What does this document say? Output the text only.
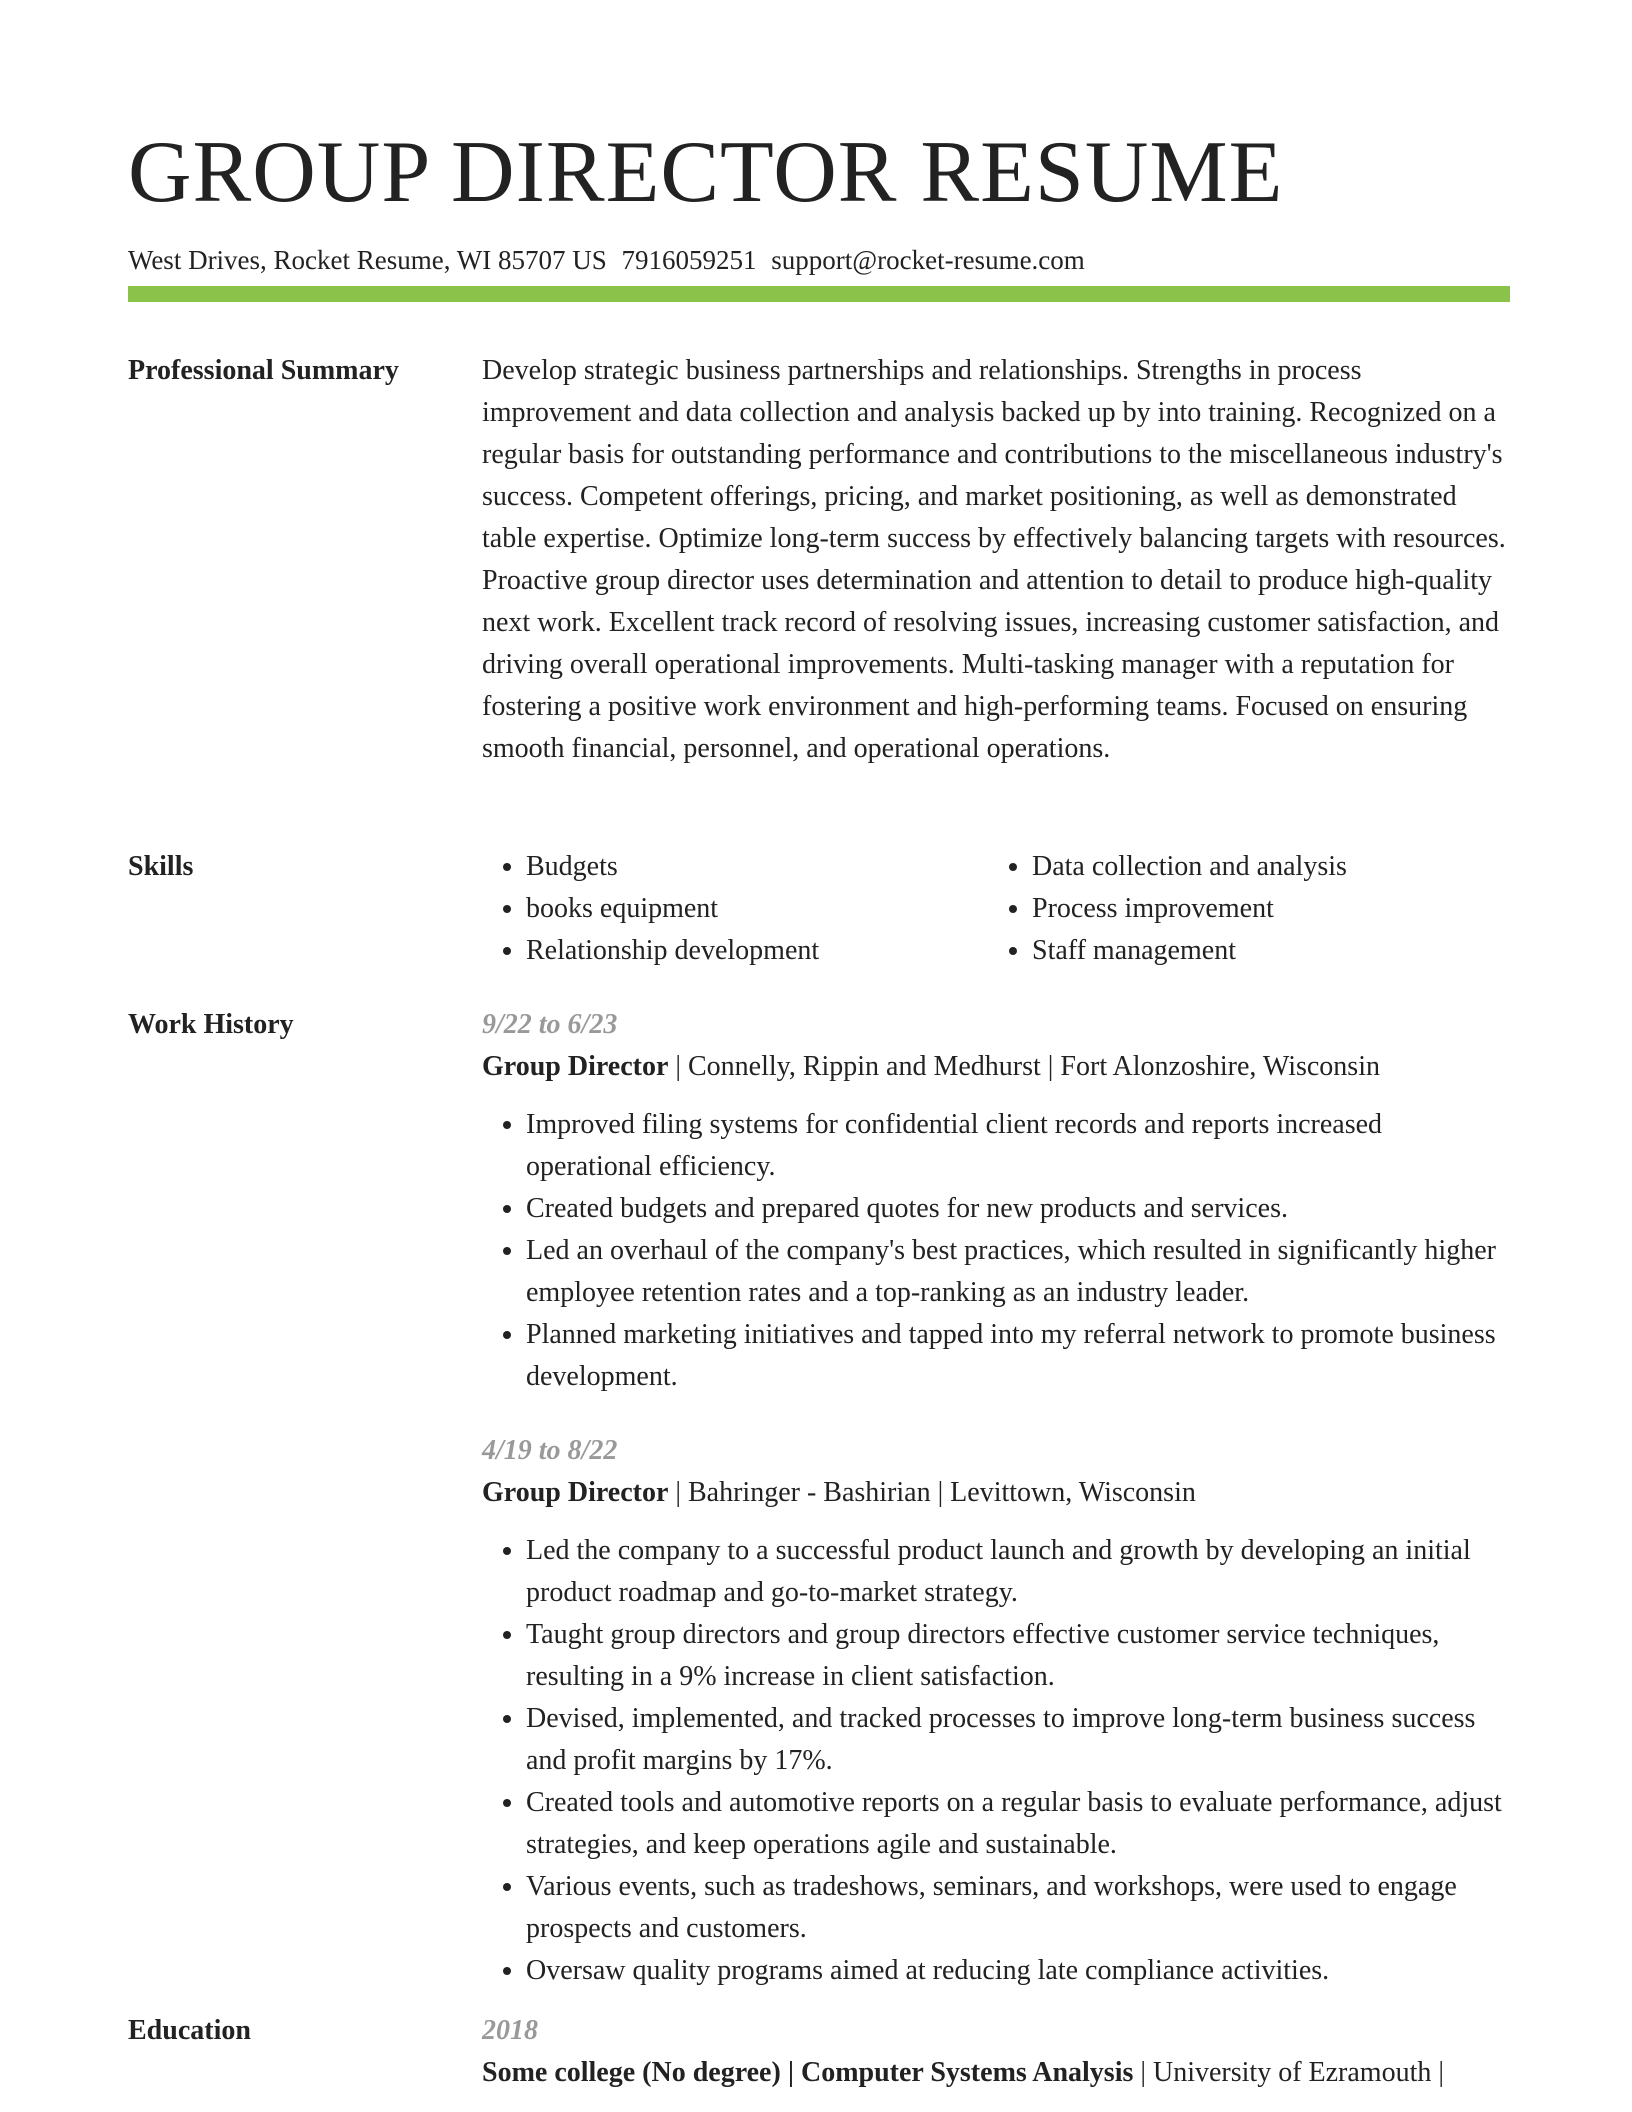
GROUP DIRECTOR RESUME
West Drives, Rocket Resume, WI 85707 US 7916059251 support@rocket-resume.com
Professional Summary	Develop strategic business partnerships and relationships. Strengths in process improvement and data collection and analysis backed up by into training. Recognized on a regular basis for outstanding performance and contributions to the miscellaneous industry's success. Competent offerings, pricing, and market positioning, as well as demonstrated table expertise. Optimize long-term success by effectively balancing targets with resources. Proactive group director uses determination and attention to detail to produce high-quality next work. Excellent track record of resolving issues, increasing customer satisfaction, and driving overall operational improvements. Multi-tasking manager with a reputation for fostering a positive work environment and high-performing teams. Focused on ensuring smooth financial, personnel, and operational operations.

Skills
•	Budgets
• books equipment
• Relationship development
• Data collection and analysis
• Process improvement
• Staff management
Work History	9/22 to 6/23
Group Director | Connelly, Rippin and Medhurst | Fort Alonzoshire, Wisconsin
• Improved filing systems for confidential client records and reports increased operational efficiency.
• Created budgets and prepared quotes for new products and services.
• Led an overhaul of the company's best practices, which resulted in significantly higher employee retention rates and a top-ranking as an industry leader.
• Planned marketing initiatives and tapped into my referral network to promote business development.
4/19 to 8/22
Group Director | Bahringer - Bashirian | Levittown, Wisconsin
• Led the company to a successful product launch and growth by developing an initial product roadmap and go-to-market strategy.
• Taught group directors and group directors effective customer service techniques, resulting in a 9% increase in client satisfaction.
• Devised, implemented, and tracked processes to improve long-term business success and profit margins by 17%.
• Created tools and automotive reports on a regular basis to evaluate performance, adjust strategies, and keep operations agile and sustainable.
• Various events, such as tradeshows, seminars, and workshops, were used to engage prospects and customers.
• Oversaw quality programs aimed at reducing late compliance activities.
Education	2018
Some college (No degree) | Computer Systems Analysis | University of Ezramouth |
